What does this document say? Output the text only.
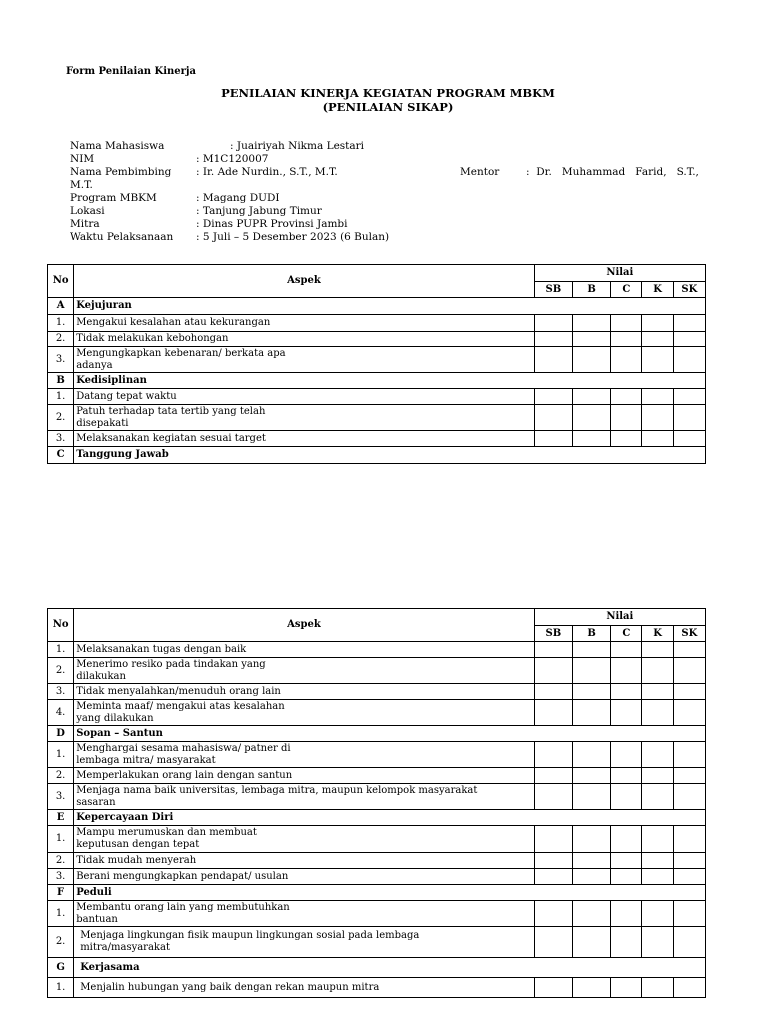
Form Penilaian Kinerja
PENILAIAN KINERJA KEGIATAN PROGRAM MBKM
(PENILAIAN SIKAP)
Nama Mahasiswa	: Juairiyah Nikma Lestari
NIM	: M1C120007
Nama Pembimbing : Ir. Ade Nurdin., S.T., M.T.	Mentor	:  Dr.   Muhammad   Farid,   S.T.,
M.T.
Program MBKM	: Magang DUDI
Lokasi	: Tanjung Jabung Timur
Mitra	: Dinas PUPR Provinsi Jambi
Waktu Pelaksanaan : 5 Juli – 5 Desember 2023 (6 Bulan)
No	Aspek	Nilai				
		SB	B	C	K	SK
A	Kejujuran					
1.	Mengakui kesalahan atau kekurangan					
2.	Tidak melakukan kebohongan					
3.	Mengungkapkan kebenaran/ berkata apa
adanya					

B	Kedisiplinan					
1.	Datang tepat waktu					
2.	Patuh terhadap tata tertib yang telah
disepakati					

3.	Melaksanakan kegiatan sesuai target					
C	Tanggung Jawab					
No	Aspek	Nilai				
		SB	B	C	K	SK
1.	Melaksanakan tugas dengan baik					
2.	Menerimo resiko pada tindakan yang
dilakukan					

3.	Tidak menyalahkan/menuduh orang lain					
4.	Meminta maaf/ mengakui atas kesalahan
yang dilakukan					

D	Sopan – Santun					
1.	Menghargai sesama mahasiswa/ patner di
lembaga mitra/ masyarakat					

2.	Memperlakukan orang lain dengan santun					
3.	Menjaga nama baik universitas, lembaga mitra, maupun kelompok masyarakat
sasaran					

E	Kepercayaan Diri					
1.	Mampu merumuskan dan membuat
keputusan dengan tepat					

2.	Tidak mudah menyerah					
3.	Berani mengungkapkan pendapat/ usulan					
F	Peduli					
1.	Membantu orang lain yang membutuhkan
bantuan					

2.	Menjaga lingkungan fisik maupun lingkungan sosial pada lembaga
mitra/masyarakat					

G	Kerjasama					
1.	Menjalin hubungan yang baik dengan rekan maupun mitra					
